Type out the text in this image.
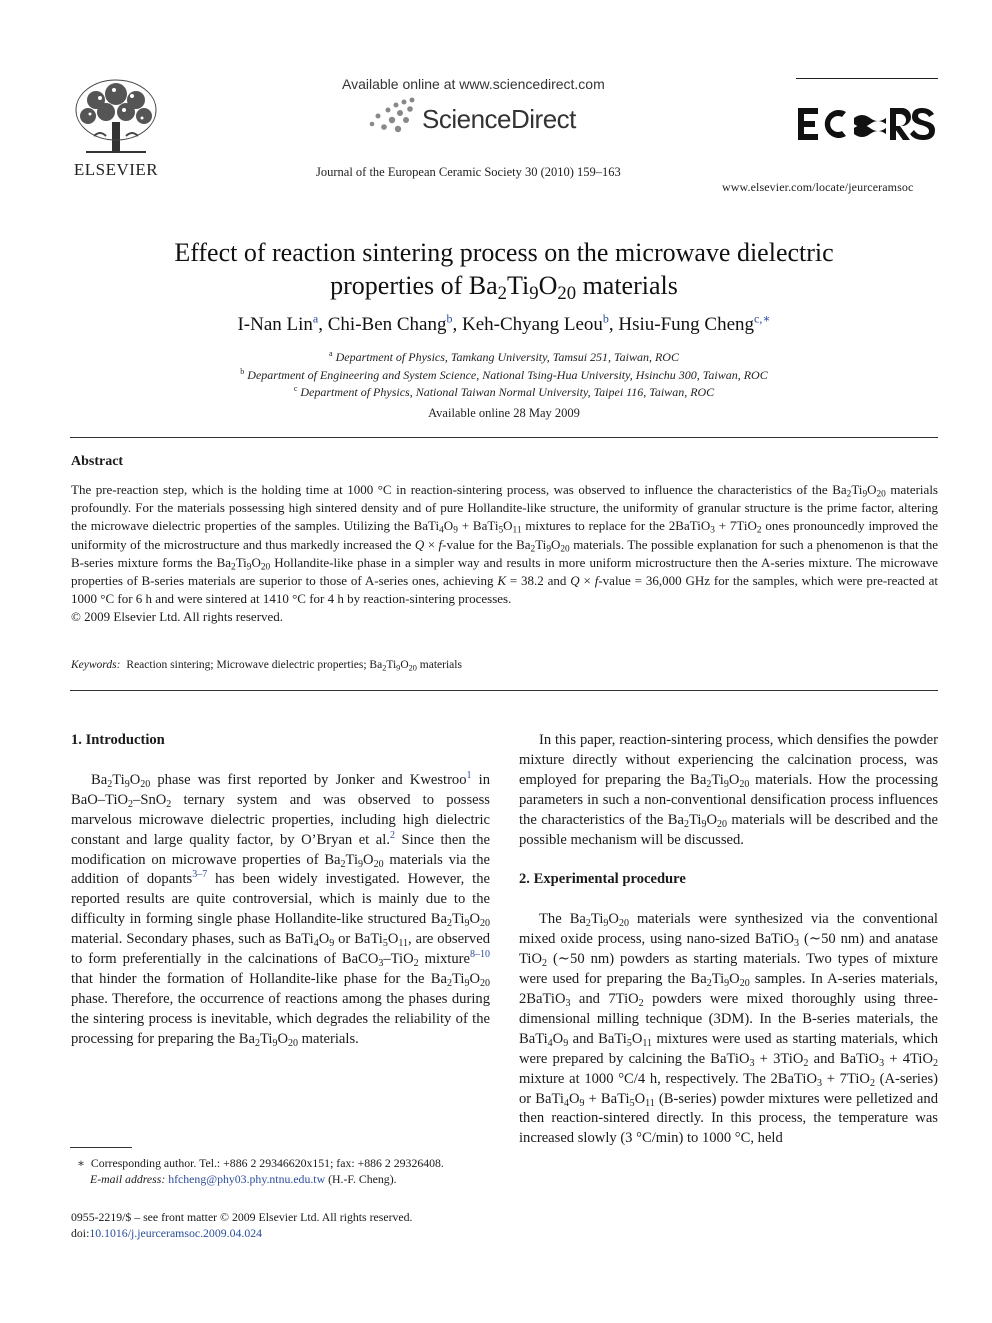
ELSEVIER
Available online at www.sciencedirect.com
ScienceDirect
Journal of the European Ceramic Society 30 (2010) 159–163
www.elsevier.com/locate/jeurceramsoc
Effect of reaction sintering process on the microwave dielectric
properties of $Ba_2Ti_9O_{20}$ materials
I-Nan Lin$^a$, Chi-Ben Chang$^b$, Keh-Chyang Leou$^b$, Hsiu-Fung Cheng$^{c,∗}$
$^a$ Department of Physics, Tamkang University, Tamsui 251, Taiwan, ROC
$^b$ Department of Engineering and System Science, National Tsing-Hua University, Hsinchu 300, Taiwan, ROC
$^c$ Department of Physics, National Taiwan Normal University, Taipei 116, Taiwan, ROC
Available online 28 May 2009
Abstract

The pre-reaction step, which is the holding time at 1000 °C in reaction-sintering process, was observed to influence the characteristics of the $Ba_2Ti_9O_{20}$ materials profoundly. For the materials possessing high sintered density and of pure Hollandite-like structure, the uniformity of granular structure is the prime factor, altering the microwave dielectric properties of the samples. Utilizing the $BaTi_4O_9$ + $BaTi_5O_{11}$ mixtures to replace for the 2BaTiO$_3$ + 7TiO$_2$ ones pronouncedly improved the uniformity of the microstructure and thus markedly increased the Q × f-value for the $Ba_2Ti_9O_{20}$ materials. The possible explanation for such a phenomenon is that the B-series mixture forms the $Ba_2Ti_9O_{20}$ Hollandite-like phase in a simpler way and results in more uniform microstructure then the A-series mixture. The microwave properties of B-series materials are superior to those of A-series ones, achieving K = 38.2 and Q × f-value = 36,000 GHz for the samples, which were pre-reacted at 1000 °C for 6 h and were sintered at 1410 °C for 4 h by reaction-sintering processes.

© 2009 Elsevier Ltd. All rights reserved.

Keywords: Reaction sintering; Microwave dielectric properties; $Ba_2Ti_9O_{20}$ materials
1. Introduction

$Ba_2Ti_9O_{20}$ phase was first reported by Jonker and Kwestroo$^1$ in BaO–TiO$_2$–SnO$_2$ ternary system and was observed to possess marvelous microwave dielectric properties, including high dielectric constant and large quality factor, by O’Bryan et al.$^2$ Since then the modification on microwave properties of $Ba_2Ti_9O_{20}$ materials via the addition of dopants$^{3-7}$ has been widely investigated. However, the reported results are quite controversial, which is mainly due to the difficulty in forming single phase Hollandite-like structured $Ba_2Ti_9O_{20}$ material. Secondary phases, such as $BaTi_4O_9$ or $BaTi_5O_{11}$, are observed to form preferentially in the calcinations of BaCO$_3$–TiO$_2$ mixture$^{8-10}$ that hinder the formation of Hollandite-like phase for the $Ba_2Ti_9O_{20}$ phase. Therefore, the occurrence of reactions among the phases during the sintering process is inevitable, which degrades the reliability of the processing for preparing the $Ba_2Ti_9O_{20}$ materials.

In this paper, reaction-sintering process, which densifies the powder mixture directly without experiencing the calcination process, was employed for preparing the $Ba_2Ti_9O_{20}$ materials. How the processing parameters in such a non-conventional densification process influences the characteristics of the $Ba_2Ti_9O_{20}$ materials will be described and the possible mechanism will be discussed.

2. Experimental procedure

The $Ba_2Ti_9O_{20}$ materials were synthesized via the conventional mixed oxide process, using nano-sized BaTiO$_3$ (∼50 nm) and anatase TiO$_2$ (∼50 nm) powders as starting materials. Two types of mixture were used for preparing the $Ba_2Ti_9O_{20}$ samples. In A-series materials, 2BaTiO$_3$ and 7TiO$_2$ powders were mixed thoroughly using three-dimensional milling technique (3DM). In the B-series materials, the $BaTi_4O_9$ and $BaTi_5O_{11}$ mixtures were used as starting materials, which were prepared by calcining the BaTiO$_3$ + 3TiO$_2$ and BaTiO$_3$ + 4TiO$_2$ mixture at 1000 °C/4 h, respectively. The 2BaTiO$_3$ + 7TiO$_2$ (A-series) or $BaTi_4O_9$ + $BaTi_5O_{11}$ (B-series) powder mixtures were pelletized and then reaction-sintered directly. In this process, the temperature was increased slowly (3 °C/min) to 1000 °C, held

∗ Corresponding author. Tel.: +886 2 29346620x151; fax: +886 2 29326408.
E-mail address: hfcheng@phy03.phy.ntnu.edu.tw (H.-F. Cheng).
0955-2219/$ – see front matter © 2009 Elsevier Ltd. All rights reserved.
doi:10.1016/j.jeurceramsoc.2009.04.024
